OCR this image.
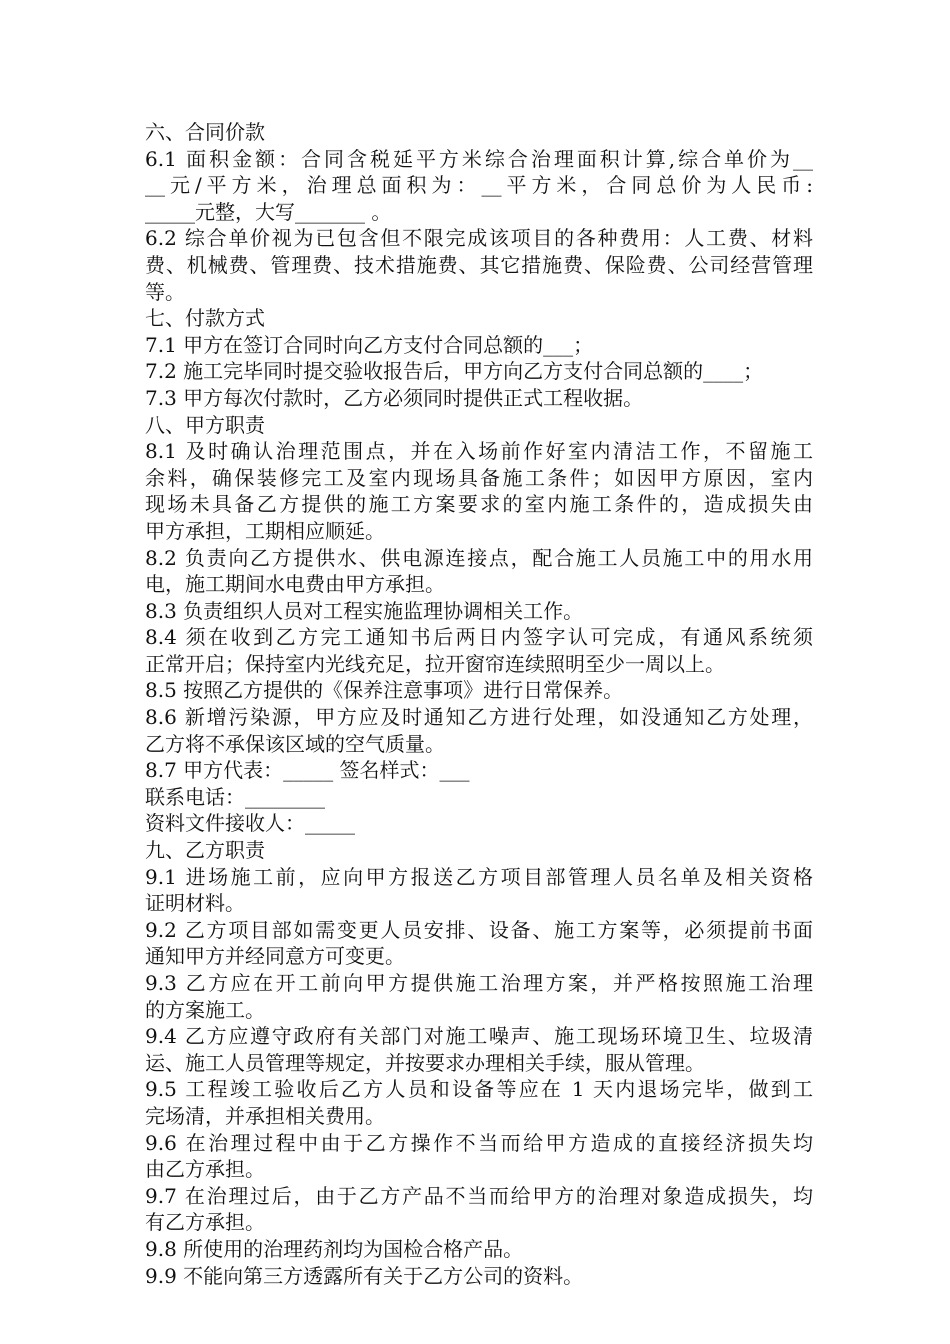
六、合同价款
6.1 面积金额：合同含税延平方米综合治理面积计算,综合单价为__
__元/平方米，治理总面积为：__平方米，合同总价为人民币:
_____元整，大写_______ 。
6.2 综合单价视为已包含但不限完成该项目的各种费用：人工费、材料
费、机械费、管理费、技术措施费、其它措施费、保险费、公司经营管理
等。
七、付款方式
7.1 甲方在签订合同时向乙方支付合同总额的___；
7.2 施工完毕同时提交验收报告后，甲方向乙方支付合同总额的____；
7.3 甲方每次付款时，乙方必须同时提供正式工程收据。
八、甲方职责
8.1 及时确认治理范围点，并在入场前作好室内清洁工作，不留施工
余料，确保装修完工及室内现场具备施工条件；如因甲方原因，室内
现场未具备乙方提供的施工方案要求的室内施工条件的，造成损失由
甲方承担，工期相应顺延。
8.2 负责向乙方提供水、供电源连接点，配合施工人员施工中的用水用
电，施工期间水电费由甲方承担。
8.3 负责组织人员对工程实施监理协调相关工作。
8.4 须在收到乙方完工通知书后两日内签字认可完成，有通风系统须
正常开启；保持室内光线充足，拉开窗帘连续照明至少一周以上。
8.5 按照乙方提供的《保养注意事项》进行日常保养。
8.6 新增污染源，甲方应及时通知乙方进行处理，如没通知乙方处理，
乙方将不承保该区域的空气质量。
8.7 甲方代表：_____ 签名样式：___
联系电话：________
资料文件接收人：_____
九、乙方职责
9.1 进场施工前，应向甲方报送乙方项目部管理人员名单及相关资格
证明材料。
9.2 乙方项目部如需变更人员安排、设备、施工方案等，必须提前书面
通知甲方并经同意方可变更。
9.3 乙方应在开工前向甲方提供施工治理方案，并严格按照施工治理
的方案施工。
9.4 乙方应遵守政府有关部门对施工噪声、施工现场环境卫生、垃圾清
运、施工人员管理等规定，并按要求办理相关手续，服从管理。
9.5 工程竣工验收后乙方人员和设备等应在 1 天内退场完毕，做到工
完场清，并承担相关费用。
9.6 在治理过程中由于乙方操作不当而给甲方造成的直接经济损失均
由乙方承担。
9.7 在治理过后，由于乙方产品不当而给甲方的治理对象造成损失，均
有乙方承担。
9.8 所使用的治理药剂均为国检合格产品。
9.9 不能向第三方透露所有关于乙方公司的资料。
